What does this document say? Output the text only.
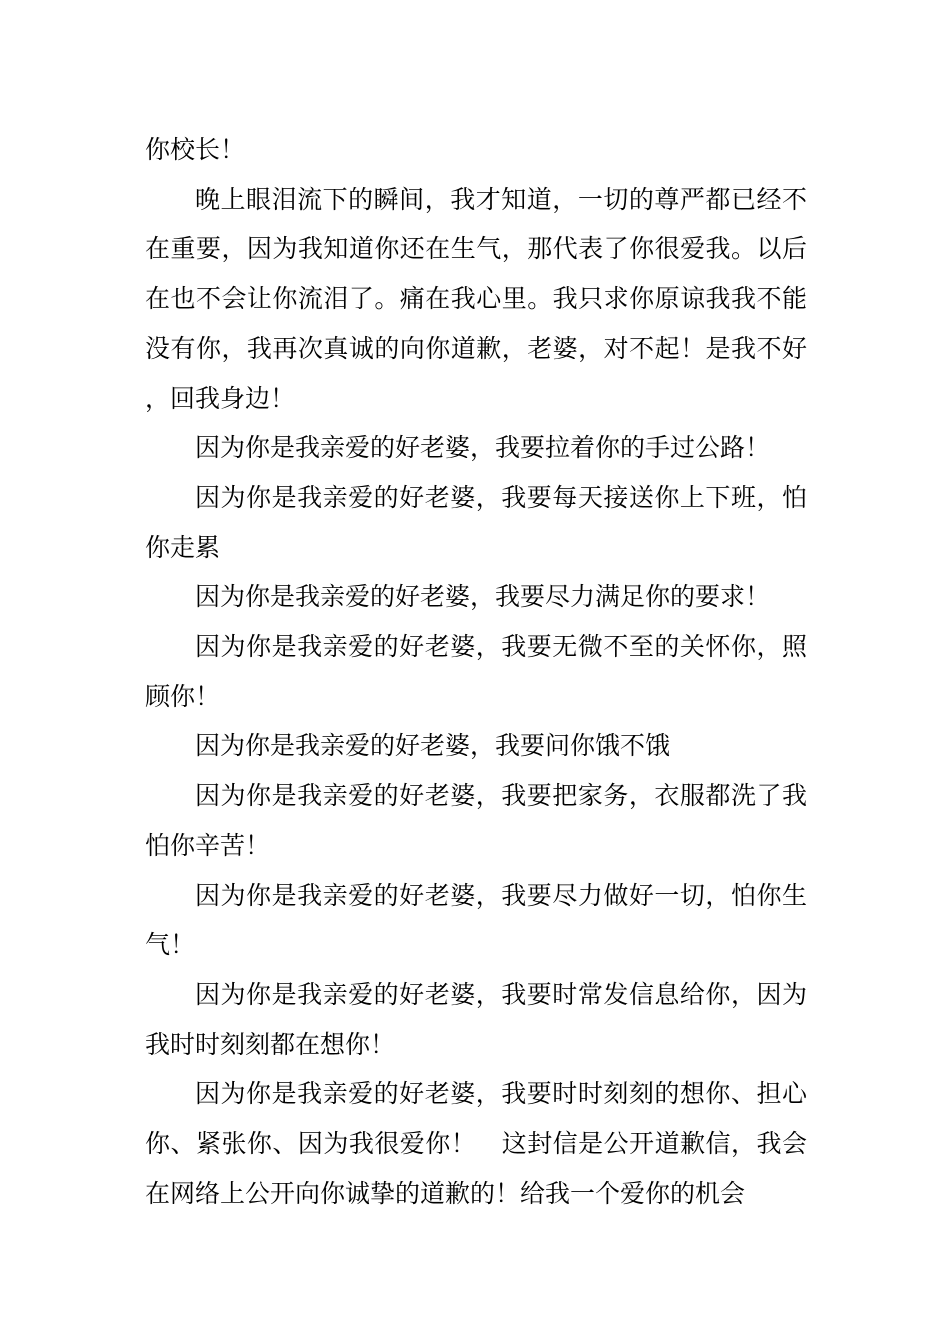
你校长！

晚上眼泪流下的瞬间，我才知道，一切的尊严都已经不在重要，因为我知道你还在生气，那代表了你很爱我。以后在也不会让你流泪了。痛在我心里。我只求你原谅我我不能没有你，我再次真诚的向你道歉，老婆，对不起！是我不好，回我身边！

因为你是我亲爱的好老婆，我要拉着你的手过公路！

因为你是我亲爱的好老婆，我要每天接送你上下班，怕你走累

因为你是我亲爱的好老婆，我要尽力满足你的要求！

因为你是我亲爱的好老婆，我要无微不至的关怀你，照顾你！

因为你是我亲爱的好老婆，我要问你饿不饿

因为你是我亲爱的好老婆，我要把家务，衣服都洗了我怕你辛苦！

因为你是我亲爱的好老婆，我要尽力做好一切，怕你生气！

因为你是我亲爱的好老婆，我要时常发信息给你，因为我时时刻刻都在想你！

因为你是我亲爱的好老婆，我要时时刻刻的想你、担心你、紧张你、因为我很爱你！　这封信是公开道歉信，我会在网络上公开向你诚挚的道歉的！给我一个爱你的机会
